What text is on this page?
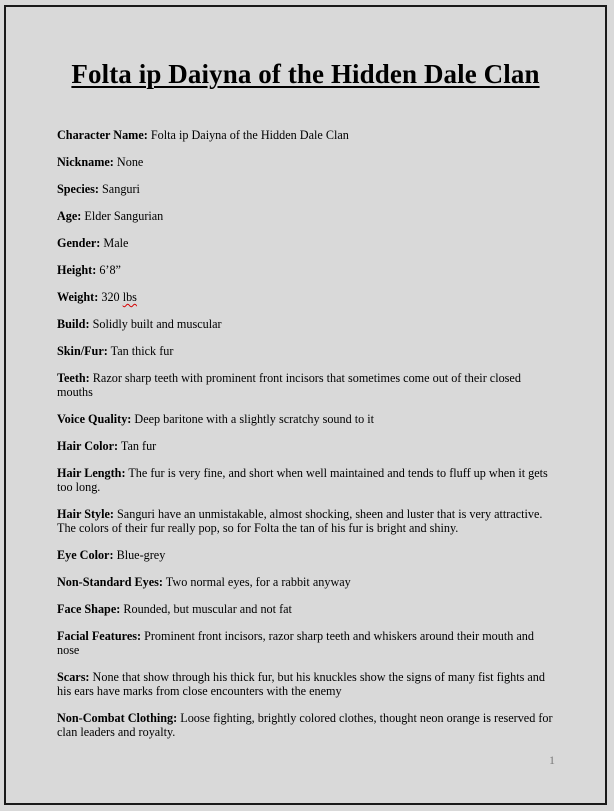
Folta ip Daiyna of the Hidden Dale Clan
Character Name: Folta ip Daiyna of the Hidden Dale Clan
Nickname: None
Species: Sanguri
Age: Elder Sangurian
Gender: Male
Height: 6’8”
Weight: 320 lbs
Build: Solidly built and muscular
Skin/Fur: Tan thick fur
Teeth: Razor sharp teeth with prominent front incisors that sometimes come out of their closed mouths
Voice Quality: Deep baritone with a slightly scratchy sound to it
Hair Color: Tan fur
Hair Length: The fur is very fine, and short when well maintained and tends to fluff up when it gets too long.
Hair Style: Sanguri have an unmistakable, almost shocking, sheen and luster that is very attractive. The colors of their fur really pop, so for Folta the tan of his fur is bright and shiny.
Eye Color: Blue-grey
Non-Standard Eyes: Two normal eyes, for a rabbit anyway
Face Shape: Rounded, but muscular and not fat
Facial Features: Prominent front incisors, razor sharp teeth and whiskers around their mouth and nose
Scars: None that show through his thick fur, but his knuckles show the signs of many fist fights and his ears have marks from close encounters with the enemy
Non-Combat Clothing: Loose fighting, brightly colored clothes, thought neon orange is reserved for clan leaders and royalty.
1
